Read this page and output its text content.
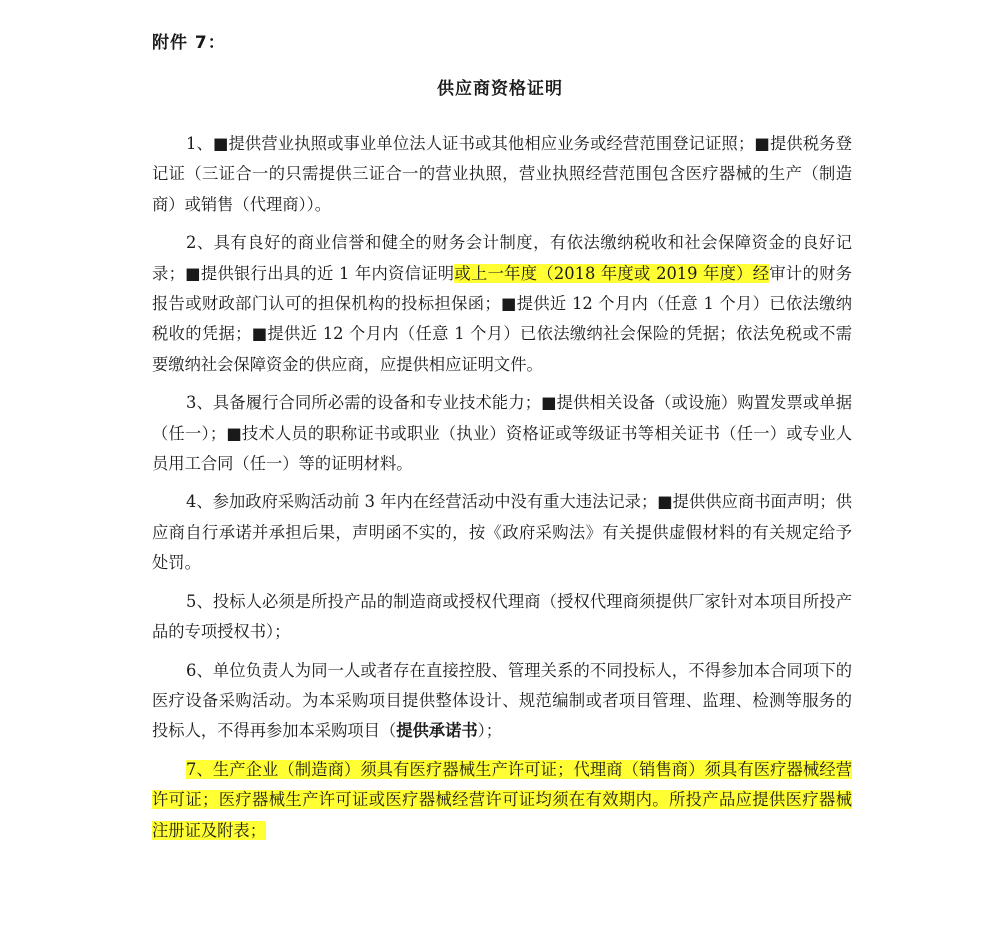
附件 7：
供应商资格证明

1、■提供营业执照或事业单位法人证书或其他相应业务或经营范围登记证照；■提供税务登记证（三证合一的只需提供三证合一的营业执照，营业执照经营范围包含医疗器械的生产（制造商）或销售（代理商））。

2、具有良好的商业信誉和健全的财务会计制度，有依法缴纳税收和社会保障资金的良好记录；■提供银行出具的近 1 年内资信证明或上一年度（2018 年度或 2019 年度）经审计的财务报告或财政部门认可的担保机构的投标担保函；■提供近 12 个月内（任意 1 个月）已依法缴纳税收的凭据；■提供近 12 个月内（任意 1 个月）已依法缴纳社会保险的凭据；依法免税或不需要缴纳社会保障资金的供应商，应提供相应证明文件。

3、具备履行合同所必需的设备和专业技术能力；■提供相关设备（或设施）购置发票或单据（任一）；■技术人员的职称证书或职业（执业）资格证或等级证书等相关证书（任一）或专业人员用工合同（任一）等的证明材料。

4、参加政府采购活动前 3 年内在经营活动中没有重大违法记录；■提供供应商书面声明；供应商自行承诺并承担后果，声明函不实的，按《政府采购法》有关提供虚假材料的有关规定给予处罚。

5、投标人必须是所投产品的制造商或授权代理商（授权代理商须提供厂家针对本项目所投产品的专项授权书）；

6、单位负责人为同一人或者存在直接控股、管理关系的不同投标人，不得参加本合同项下的医疗设备采购活动。为本采购项目提供整体设计、规范编制或者项目管理、监理、检测等服务的投标人，不得再参加本采购项目（提供承诺书）；

7、生产企业（制造商）须具有医疗器械生产许可证；代理商（销售商）须具有医疗器械经营许可证；医疗器械生产许可证或医疗器械经营许可证均须在有效期内。所投产品应提供医疗器械注册证及附表；
